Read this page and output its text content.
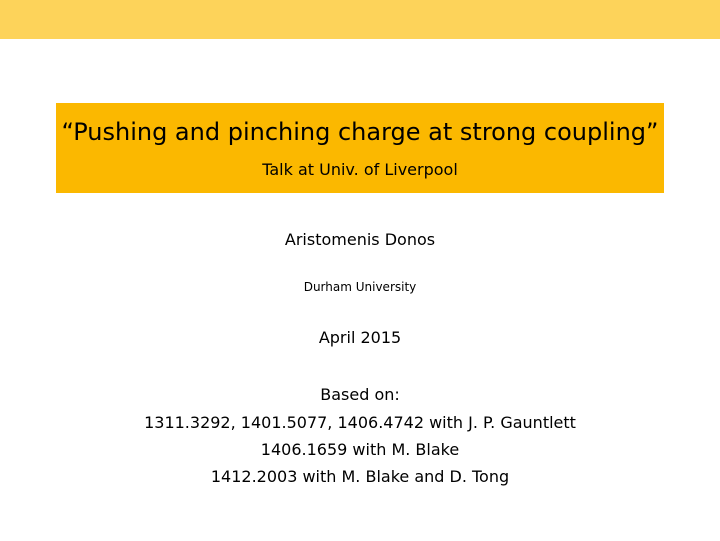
“Pushing and pinching charge at strong coupling”
Talk at Univ. of Liverpool
Aristomenis Donos
Durham University
April 2015
Based on:
1311.3292, 1401.5077, 1406.4742 with J. P. Gauntlett
1406.1659 with M. Blake
1412.2003 with M. Blake and D. Tong
